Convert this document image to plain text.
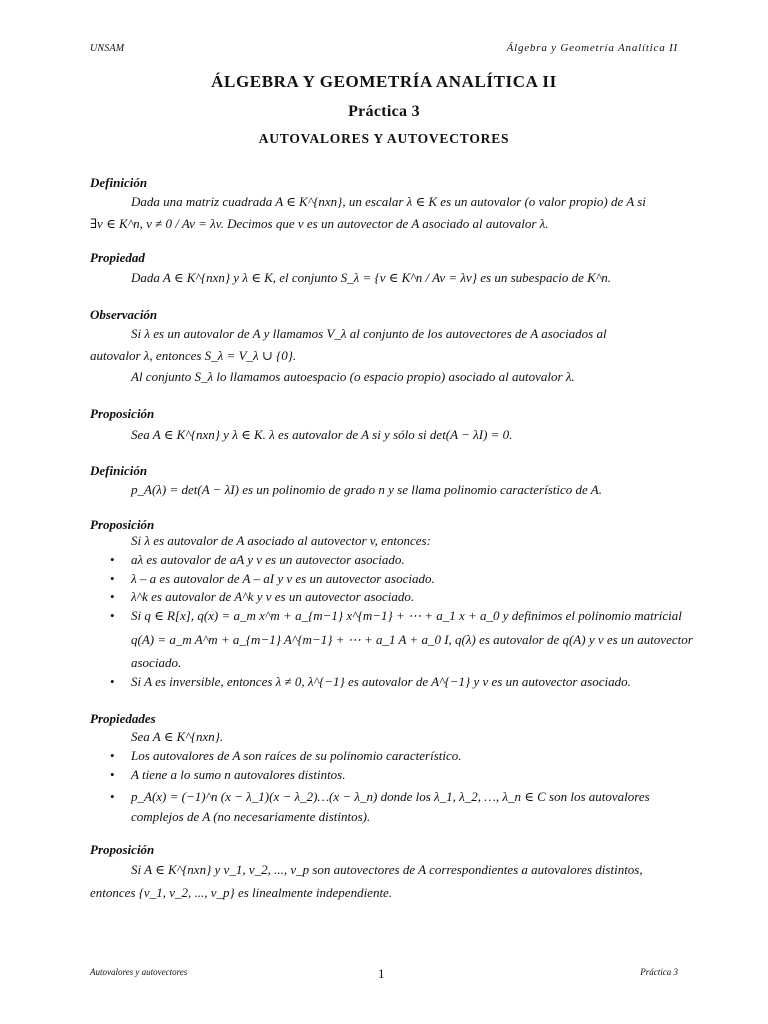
UNSAM	Álgebra y Geometría Analítica II
ÁLGEBRA Y GEOMETRÍA ANALÍTICA II
Práctica 3
AUTOVALORES Y AUTOVECTORES
Definición
Dada una matriz cuadrada A ∈ K^{nxn}, un escalar λ ∈ K es un autovalor (o valor propio) de A si
∃v ∈ K^n, v ≠ 0 / Av = λv. Decimos que v es un autovector de A asociado al autovalor λ.
Propiedad
Dada A ∈ K^{nxn} y λ ∈ K, el conjunto S_λ = {v ∈ K^n / Av = λv} es un subespacio de K^n.
Observación
Si λ es un autovalor de A y llamamos V_λ al conjunto de los autovectores de A asociados al
autovalor λ, entonces S_λ = V_λ ∪ {0}.
Al conjunto S_λ lo llamamos autoespacio (o espacio propio) asociado al autovalor λ.
Proposición
Sea A ∈ K^{nxn} y λ ∈ K. λ es autovalor de A si y sólo si det(A − λI) = 0.
Definición
p_A(λ) = det(A − λI) es un polinomio de grado n y se llama polinomio característico de A.
Proposición
Si λ es autovalor de A asociado al autovector v, entonces:
• aλ es autovalor de aA y v es un autovector asociado.
• λ – a es autovalor de A – aI y v es un autovector asociado.
• λ^k es autovalor de A^k y v es un autovector asociado.
• Si q ∈ R[x], q(x) = a_m x^m + a_{m−1} x^{m−1} + ⋯ + a_1 x + a_0 y definimos el polinomio matricial
q(A) = a_m A^m + a_{m−1} A^{m−1} + ⋯ + a_1 A + a_0 I, q(λ) es autovalor de q(A) y v es un autovector
asociado.
• Si A es inversible, entonces λ ≠ 0, λ^{−1} es autovalor de A^{−1} y v es un autovector asociado.
Propiedades
Sea A ∈ K^{nxn}.
• Los autovalores de A son raíces de su polinomio característico.
• A tiene a lo sumo n autovalores distintos.
• p_A(x) = (−1)^n (x − λ_1)(x − λ_2)…(x − λ_n) donde los λ_1, λ_2, …, λ_n ∈ C son los autovalores
complejos de A (no necesariamente distintos).
Proposición
Si A ∈ K^{nxn} y v_1, v_2, ..., v_p son autovectores de A correspondientes a autovalores distintos,
entonces {v_1, v_2, ..., v_p} es linealmente independiente.
Autovalores y autovectores	1	Práctica 3
